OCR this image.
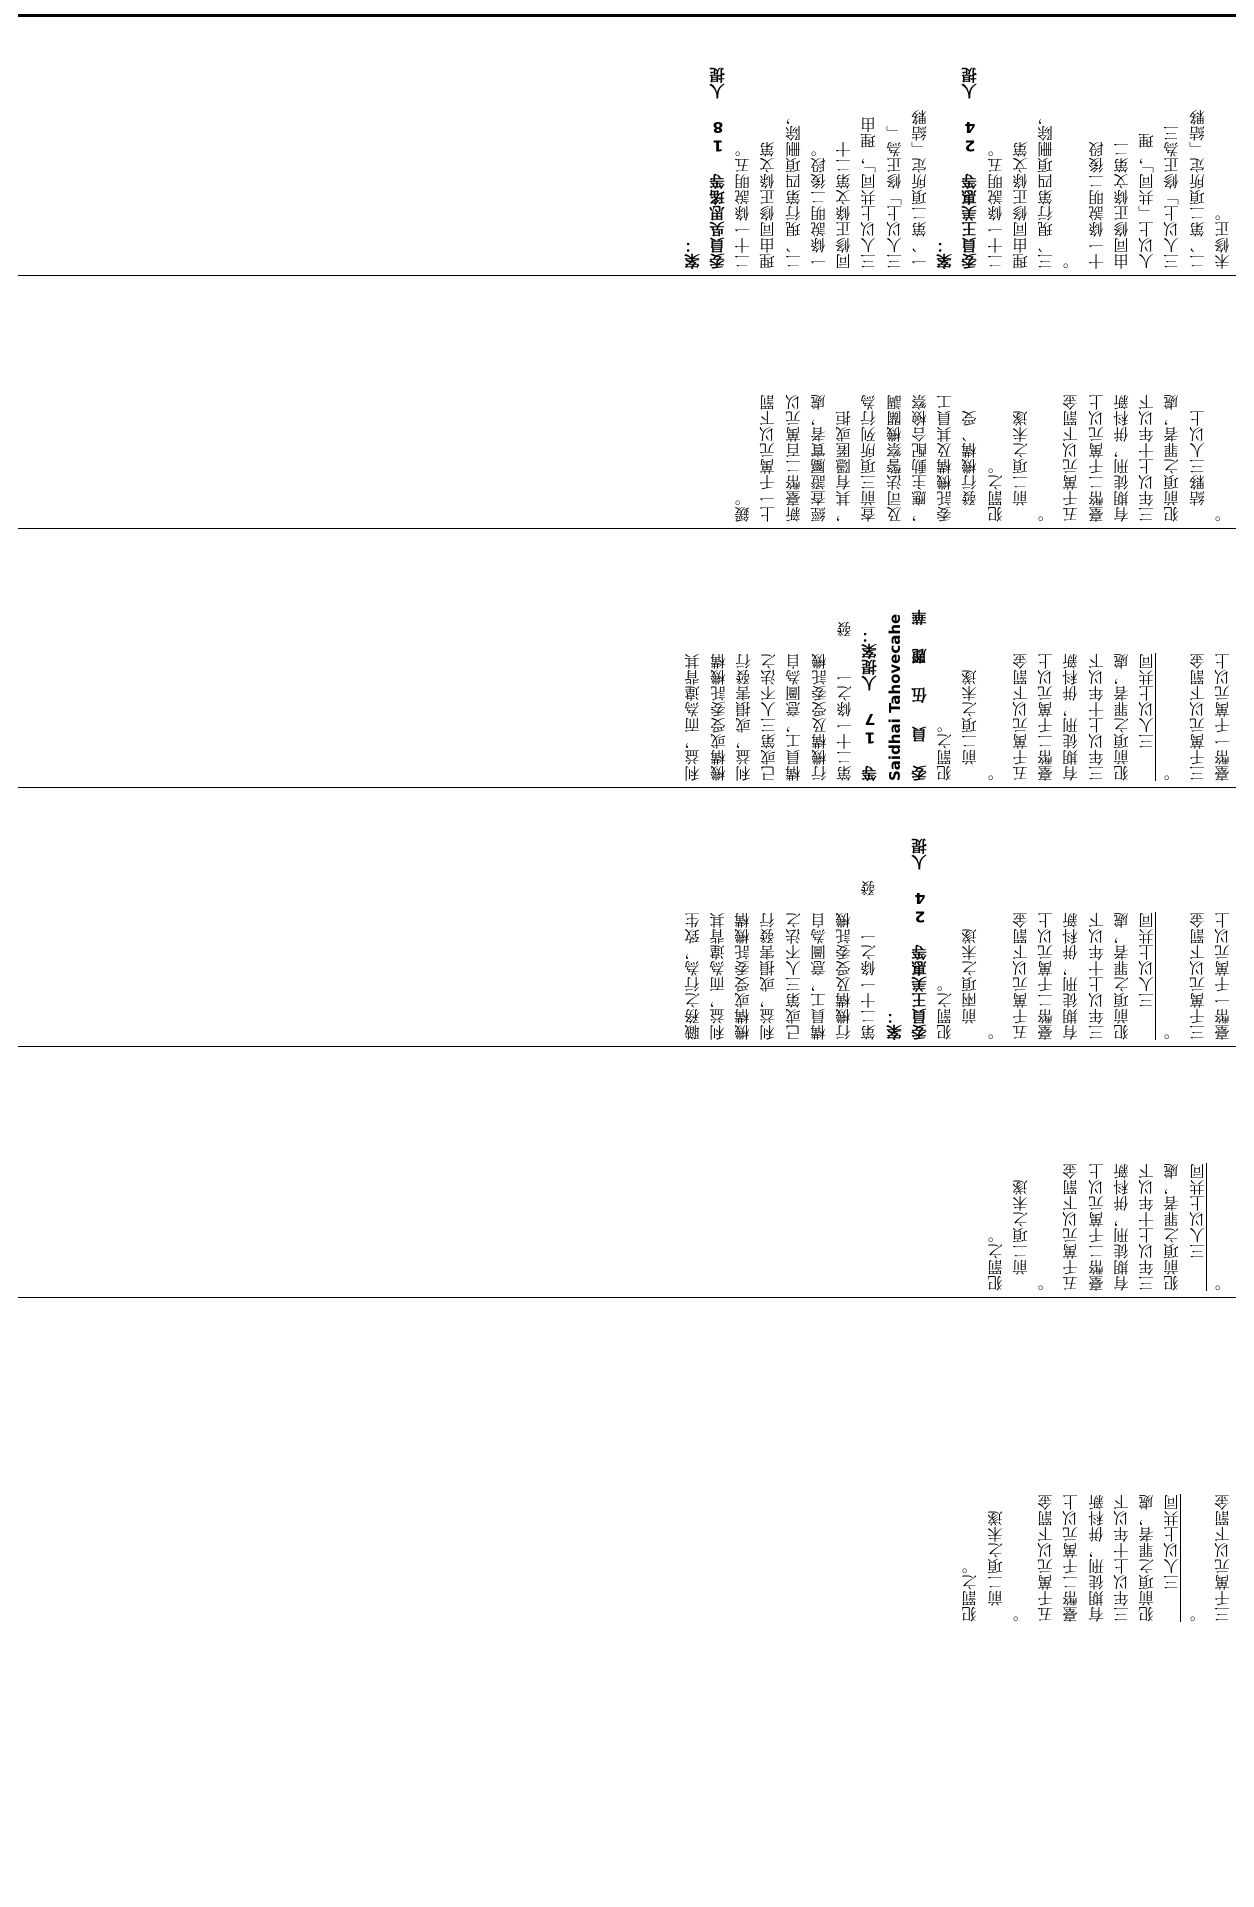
未修正。
二、第二項所定「結夥
三人以上」修正為三
人以上「共同」，理
由同修正條文第二
十一條說明二後段
。
三、現行第四項刪除，
理由同修正條文第
二十一條說明五。
委員王美惠等 24 人提
案：
一、第二項所定「結夥
三人以上」修正為「
三人以上共同」，理由
同修正條文第二十
一條說明二後段。
二、現行第四項刪除，
理由同修正條文第
二十一條說明五。
委員吳思瑤等 18 人提
案：
。
　結夥三人以上
犯前項之罪者，處
三年以上十年以下
有期徒刑，併科新
臺幣二千萬元以上
五千萬元以下罰金
。
　前二項之未遂
犯罰之。
　發行機構、受
委託機構及其員工
，應主動配合檢察
及司法警察機關調
查前三項所列行為
，其有隱匿或拒
經查證屬實者，處
新臺幣二百萬元以
上一千萬元以下罰
鍰。
臺幣一千萬元以上
三千萬元以下罰金
。
　　三人以上共同
犯前項之罪者，處
三年以上十年以下
有期徒刑，併科新
臺幣二千萬元以上
五千萬元以下罰金
。
　前二項之未遂
犯罰之。
委　員　伍　麗　華
Saidhai Tahovecahe
等 17 人提案：
第二十一條之一　　發
行機構及受委託機
構員工，意圖為自
己或第三人不法之
利益，或損害發行
機構或受委託機構
利益，而為違背其
臺幣一千萬元以上
三千萬元以下罰金
。
　　三人以上共同
犯前項之罪者，處
三年以上十年以下
有期徒刑，併科新
臺幣二千萬元以上
五千萬元以下罰金
。
　前兩項之未遂
犯罰之。
委員王美惠等 24 人提
案：
第二十一條之一　　發
行機構及受委託機
構員工，意圖為自
己或第三人不法之
利益，或損害發行
機構或受委託機構
利益，而為違背其
職務之行為，致生
。
　　三人以上共同
犯前項之罪者，處
三年以上十年以下
有期徒刑，併科新
臺幣二千萬元以上
五千萬元以下罰金
。
　前二項之未遂
犯罰之。
三千萬元以下罰金
。
　　三人以上共同
犯前項之罪者，處
三年以上十年以下
有期徒刑，併科新
臺幣二千萬元以上
五千萬元以下罰金
。
　前二項之未遂
犯罰之。
